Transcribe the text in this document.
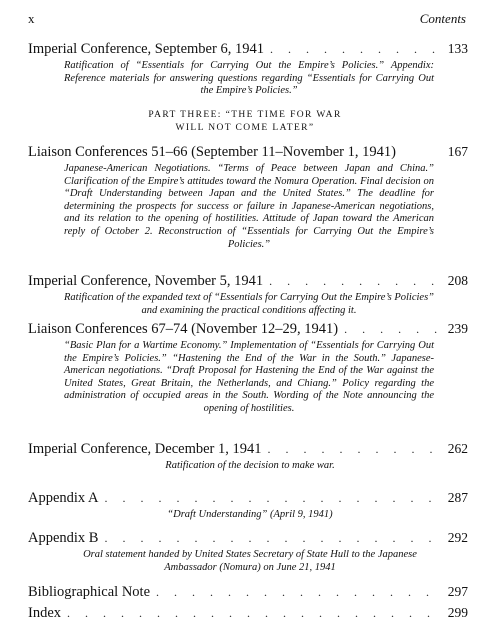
x	Contents
Imperial Conference, September 6, 1941 . . .	133
Ratification of “Essentials for Carrying Out the Empire’s Policies.” Appendix: Reference materials for answering questions regarding “Essentials for Carrying Out the Empire’s Policies.”
PART THREE: “THE TIME FOR WAR
WILL NOT COME LATER”
Liaison Conferences 51–66 (September 11–November 1, 1941)	167
Japanese-American Negotiations. “Terms of Peace between Japan and China.” Clarification of the Empire’s attitudes toward the Nomura Operation. Final decision on “Draft Understanding between Japan and the United States.” The deadline for determining the prospects for success or failure in Japanese-American negotiations, and its relation to the opening of hostilities. Attitude of Japan toward the American reply of October 2. Reconstruction of “Essentials for Carrying Out the Empire’s Policies.”
Imperial Conference, November 5, 1941 . . .	208
Ratification of the expanded text of “Essentials for Carrying Out the Empire’s Policies” and examining the practical conditions affecting it.
Liaison Conferences 67–74 (November 12–29, 1941) . . .	239
“Basic Plan for a Wartime Economy.” Implementation of “Essentials for Carrying Out the Empire’s Policies.” “Hastening the End of the War in the South.” Japanese-American negotiations. “Draft Proposal for Hastening the End of the War against the United States, Great Britain, the Netherlands, and Chiang.” Policy regarding the administration of occupied areas in the South. Wording of the Note announcing the opening of hostilities.
Imperial Conference, December 1, 1941 . . .	262
Ratification of the decision to make war.
Appendix A . . .	287
“Draft Understanding” (April 9, 1941)
Appendix B . . .	292
Oral statement handed by United States Secretary of State Hull to the Japanese Ambassador (Nomura) on June 21, 1941
Bibliographical Note . . .	297
Index . . .	299
